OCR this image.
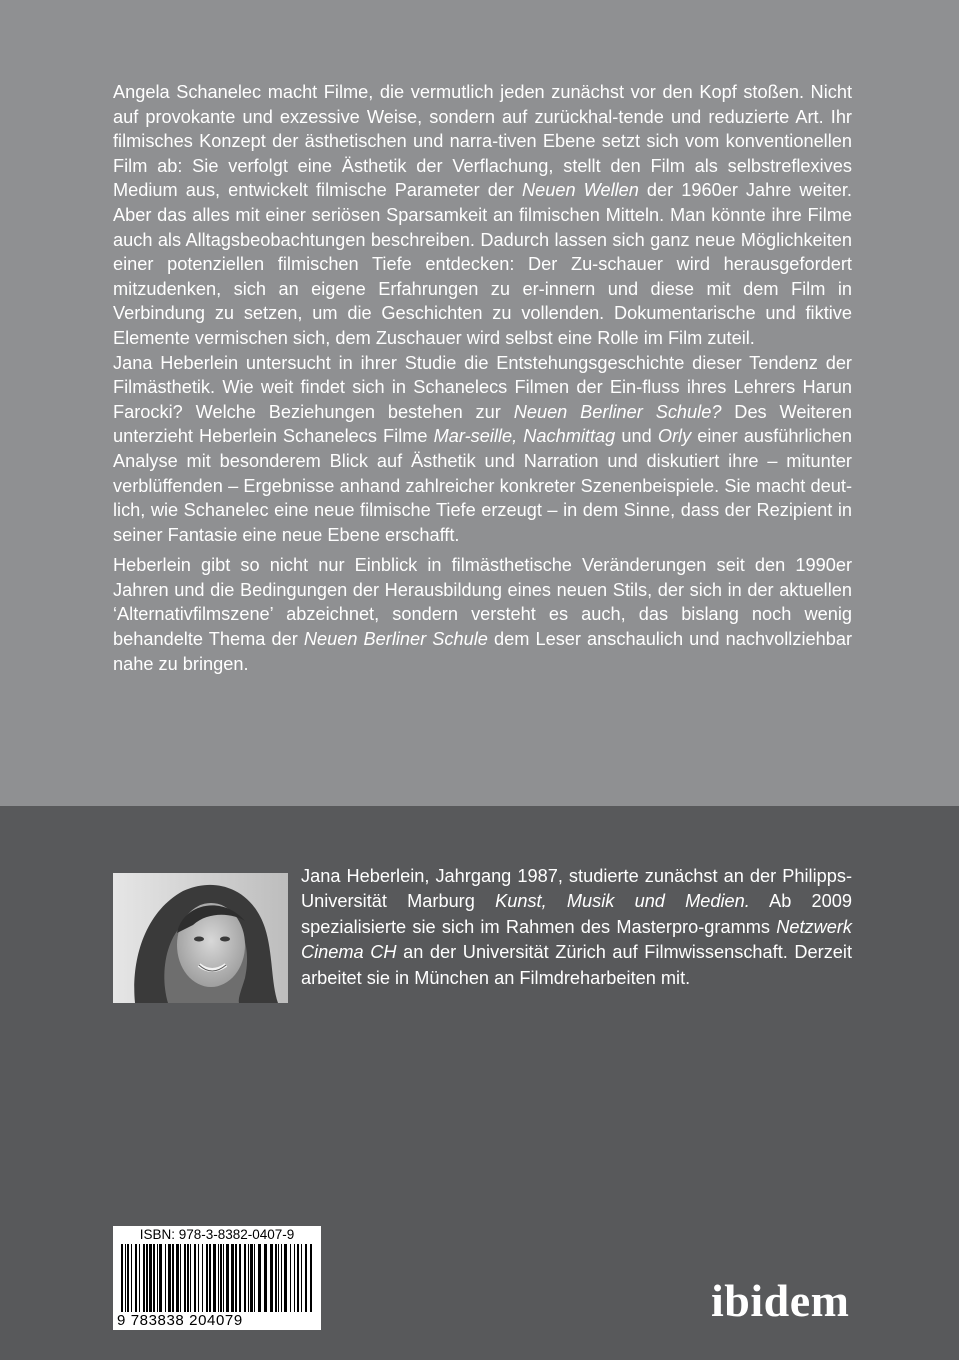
Angela Schanelec macht Filme, die vermutlich jeden zunächst vor den Kopf stoßen. Nicht auf provokante und exzessive Weise, sondern auf zurückhal-tende und reduzierte Art. Ihr filmisches Konzept der ästhetischen und narra-tiven Ebene setzt sich vom konventionellen Film ab: Sie verfolgt eine Ästhetik der Verflachung, stellt den Film als selbstreflexives Medium aus, entwickelt filmische Parameter der Neuen Wellen der 1960er Jahre weiter. Aber das alles mit einer seriösen Sparsamkeit an filmischen Mitteln. Man könnte ihre Filme auch als Alltagsbeobachtungen beschreiben. Dadurch lassen sich ganz neue Möglichkeiten einer potenziellen filmischen Tiefe entdecken: Der Zu-schauer wird herausgefordert mitzudenken, sich an eigene Erfahrungen zu er-innern und diese mit dem Film in Verbindung zu setzen, um die Geschichten zu vollenden. Dokumentarische und fiktive Elemente vermischen sich, dem Zuschauer wird selbst eine Rolle im Film zuteil.

Jana Heberlein untersucht in ihrer Studie die Entstehungsgeschichte dieser Tendenz der Filmästhetik. Wie weit findet sich in Schanelecs Filmen der Ein-fluss ihres Lehrers Harun Farocki? Welche Beziehungen bestehen zur Neuen Berliner Schule? Des Weiteren unterzieht Heberlein Schanelecs Filme Mar-seille, Nachmittag und Orly einer ausführlichen Analyse mit besonderem Blick auf Ästhetik und Narration und diskutiert ihre – mitunter verblüffenden – Ergebnisse anhand zahlreicher konkreter Szenenbeispiele. Sie macht deut-lich, wie Schanelec eine neue filmische Tiefe erzeugt – in dem Sinne, dass der Rezipient in seiner Fantasie eine neue Ebene erschafft.

Heberlein gibt so nicht nur Einblick in filmästhetische Veränderungen seit den 1990er Jahren und die Bedingungen der Herausbildung eines neuen Stils, der sich in der aktuellen ‘Alternativfilmszene’ abzeichnet, sondern versteht es auch, das bislang noch wenig behandelte Thema der Neuen Berliner Schule dem Leser anschaulich und nachvollziehbar nahe zu bringen.

Jana Heberlein, Jahrgang 1987, studierte zunächst an der Philipps-Universität Marburg Kunst, Musik und Medien. Ab 2009 spezialisierte sie sich im Rahmen des Masterpro-gramms Netzwerk Cinema CH an der Universität Zürich auf Filmwissenschaft. Derzeit arbeitet sie in München an Filmdreharbeiten mit.

ISBN: 978-3-8382-0407-9
9 783838 204079	ibidem
